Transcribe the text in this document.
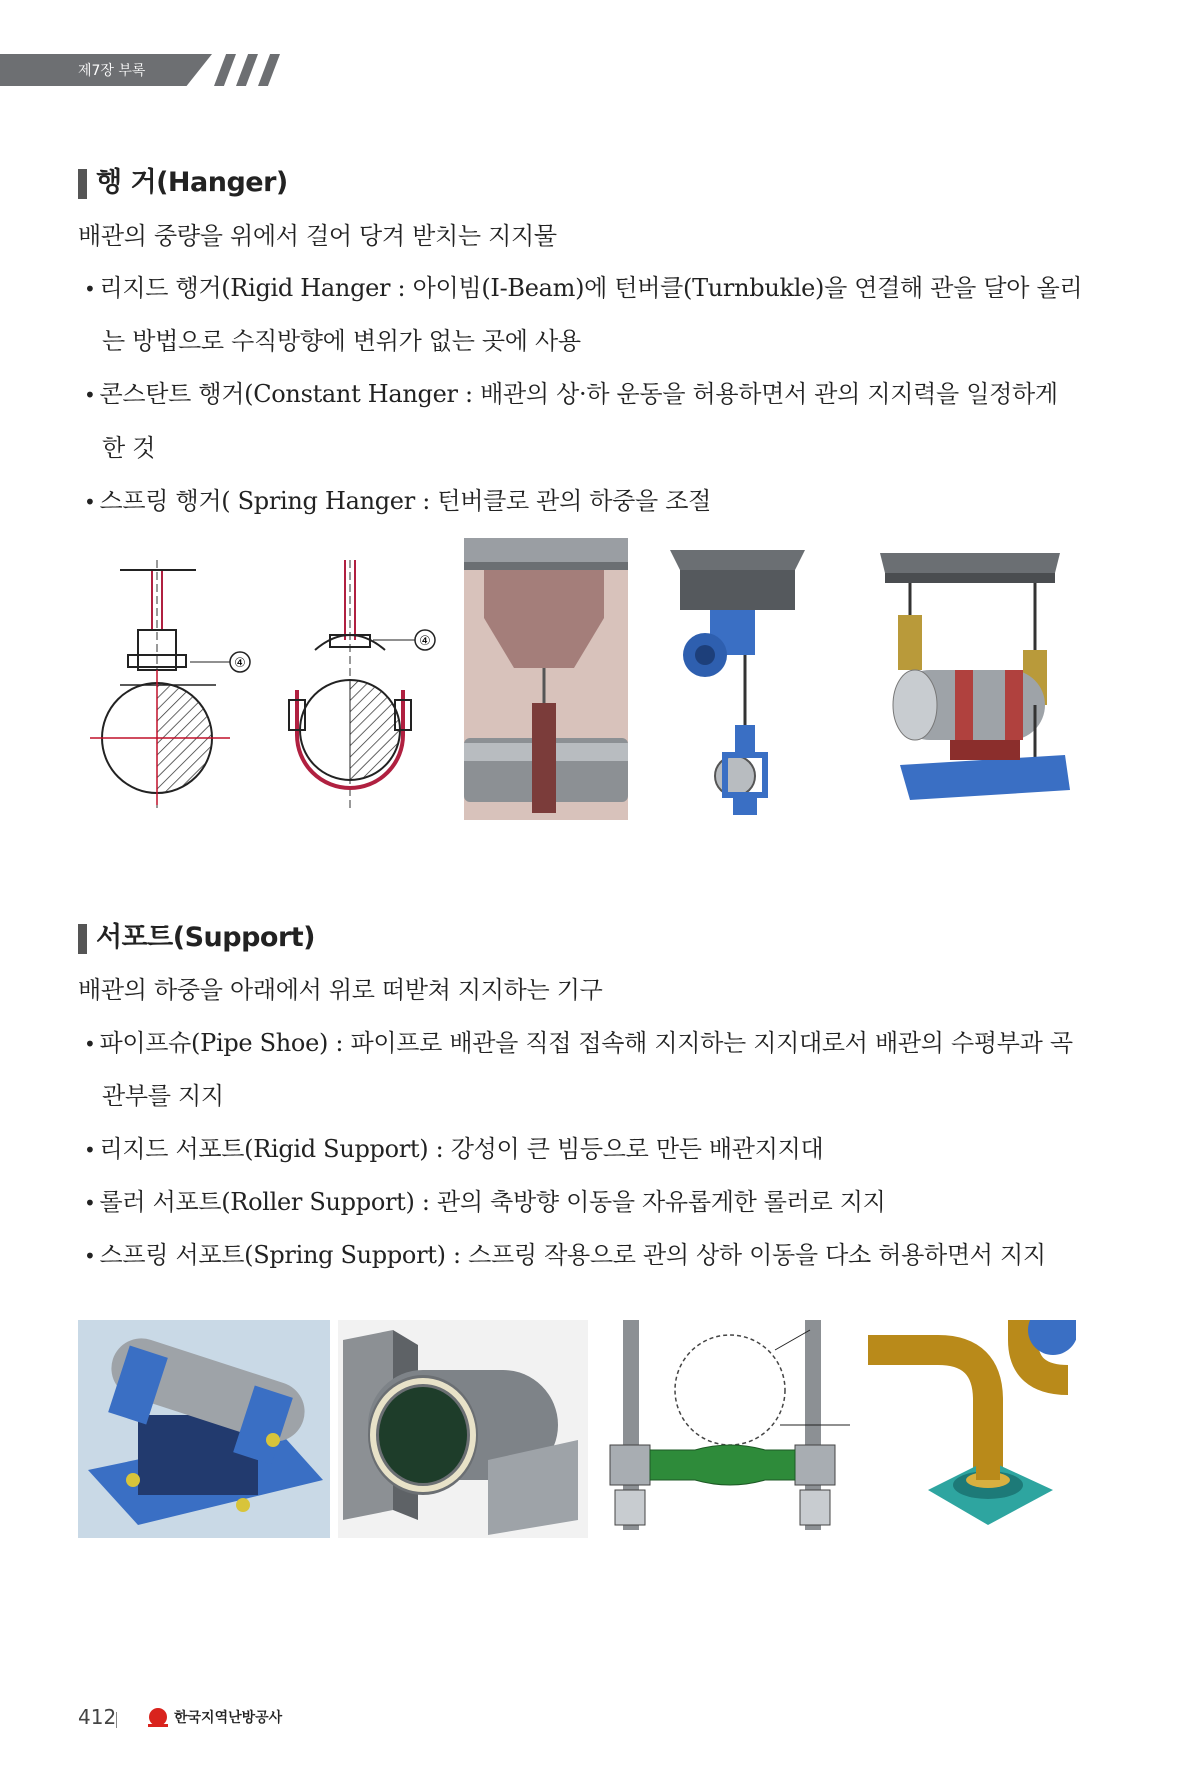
제7장 부록
행 거(Hanger)
배관의 중량을 위에서 걸어 당겨 받치는 지지물
• 리지드 행거(Rigid Hanger : 아이빔(I-Beam)에 턴버클(Turnbukle)을 연결해 관을 달아 올리
는 방법으로 수직방향에 변위가 없는 곳에 사용
• 콘스탄트 행거(Constant Hanger : 배관의 상·하 운동을 허용하면서 관의 지지력을 일정하게
한 것
• 스프링 행거( Spring Hanger : 턴버클로 관의 하중을 조절
④
④
서포트(Support)
배관의 하중을 아래에서 위로 떠받쳐 지지하는 기구
• 파이프슈(Pipe Shoe) : 파이프로 배관을 직접 접속해 지지하는 지지대로서 배관의 수평부과 곡
관부를 지지
• 리지드 서포트(Rigid Support) : 강성이 큰 빔등으로 만든 배관지지대
• 롤러 서포트(Roller Support) : 관의 축방향 이동을 자유롭게한 롤러로 지지
• 스프링 서포트(Spring Support) : 스프링 작용으로 관의 상하 이동을 다소 허용하면서 지지
412	한국지역난방공사
